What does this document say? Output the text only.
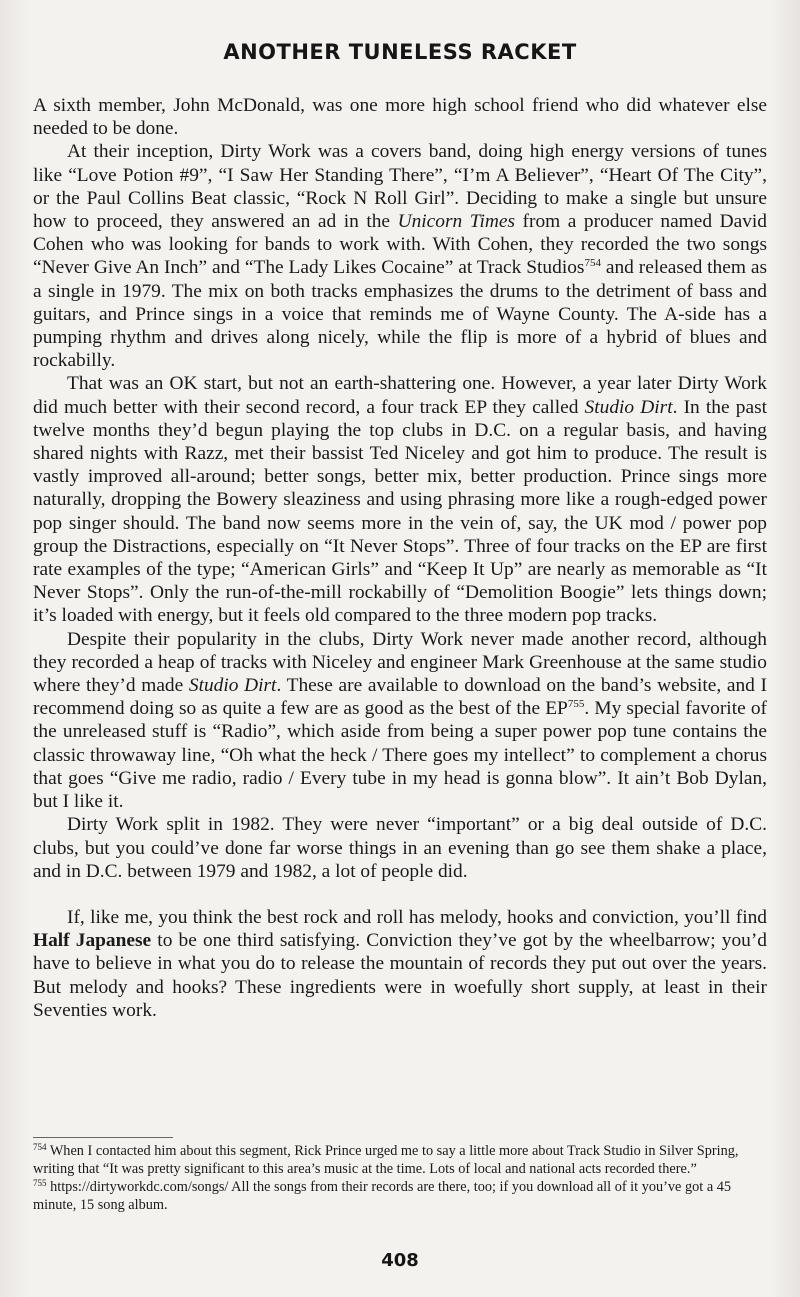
ANOTHER TUNELESS RACKET

A sixth member, John McDonald, was one more high school friend who did whatever else needed to be done.

At their inception, Dirty Work was a covers band, doing high energy versions of tunes like “Love Potion #9”, “I Saw Her Standing There”, “I’m A Believer”, “Heart Of The City”, or the Paul Collins Beat classic, “Rock N Roll Girl”. Deciding to make a single but unsure how to proceed, they answered an ad in the Unicorn Times from a producer named David Cohen who was looking for bands to work with. With Cohen, they recorded the two songs “Never Give An Inch” and “The Lady Likes Cocaine” at Track Studios$^{754}$ and released them as a single in 1979. The mix on both tracks emphasizes the drums to the detriment of bass and guitars, and Prince sings in a voice that reminds me of Wayne County. The A-side has a pumping rhythm and drives along nicely, while the flip is more of a hybrid of blues and rockabilly.

That was an OK start, but not an earth-shattering one. However, a year later Dirty Work did much better with their second record, a four track EP they called Studio Dirt. In the past twelve months they’d begun playing the top clubs in D.C. on a regular basis, and having shared nights with Razz, met their bassist Ted Niceley and got him to produce. The result is vastly improved all-around; better songs, better mix, better production. Prince sings more naturally, dropping the Bowery sleaziness and using phrasing more like a rough-edged power pop singer should. The band now seems more in the vein of, say, the UK mod / power pop group the Distractions, especially on “It Never Stops”. Three of four tracks on the EP are first rate examples of the type; “American Girls” and “Keep It Up” are nearly as memorable as “It Never Stops”. Only the run-of-the-mill rockabilly of “Demolition Boogie” lets things down; it’s loaded with energy, but it feels old compared to the three modern pop tracks.

Despite their popularity in the clubs, Dirty Work never made another record, although they recorded a heap of tracks with Niceley and engineer Mark Greenhouse at the same studio where they’d made Studio Dirt. These are available to download on the band’s website, and I recommend doing so as quite a few are as good as the best of the EP$^{755}$. My special favorite of the unreleased stuff is “Radio”, which aside from being a super power pop tune contains the classic throwaway line, “Oh what the heck / There goes my intellect” to complement a chorus that goes “Give me radio, radio / Every tube in my head is gonna blow”. It ain’t Bob Dylan, but I like it.

Dirty Work split in 1982. They were never “important” or a big deal outside of D.C. clubs, but you could’ve done far worse things in an evening than go see them shake a place, and in D.C. between 1979 and 1982, a lot of people did.

If, like me, you think the best rock and roll has melody, hooks and conviction, you’ll find Half Japanese to be one third satisfying. Conviction they’ve got by the wheelbarrow; you’d have to believe in what you do to release the mountain of records they put out over the years. But melody and hooks? These ingredients were in woefully short supply, at least in their Seventies work.

$^{754}$ When I contacted him about this segment, Rick Prince urged me to say a little more about Track Studio in Silver Spring, writing that “It was pretty significant to this area’s music at the time. Lots of local and national acts recorded there.”

$^{755}$ https://dirtyworkdc.com/songs/ All the songs from their records are there, too; if you download all of it you’ve got a 45 minute, 15 song album.

408
